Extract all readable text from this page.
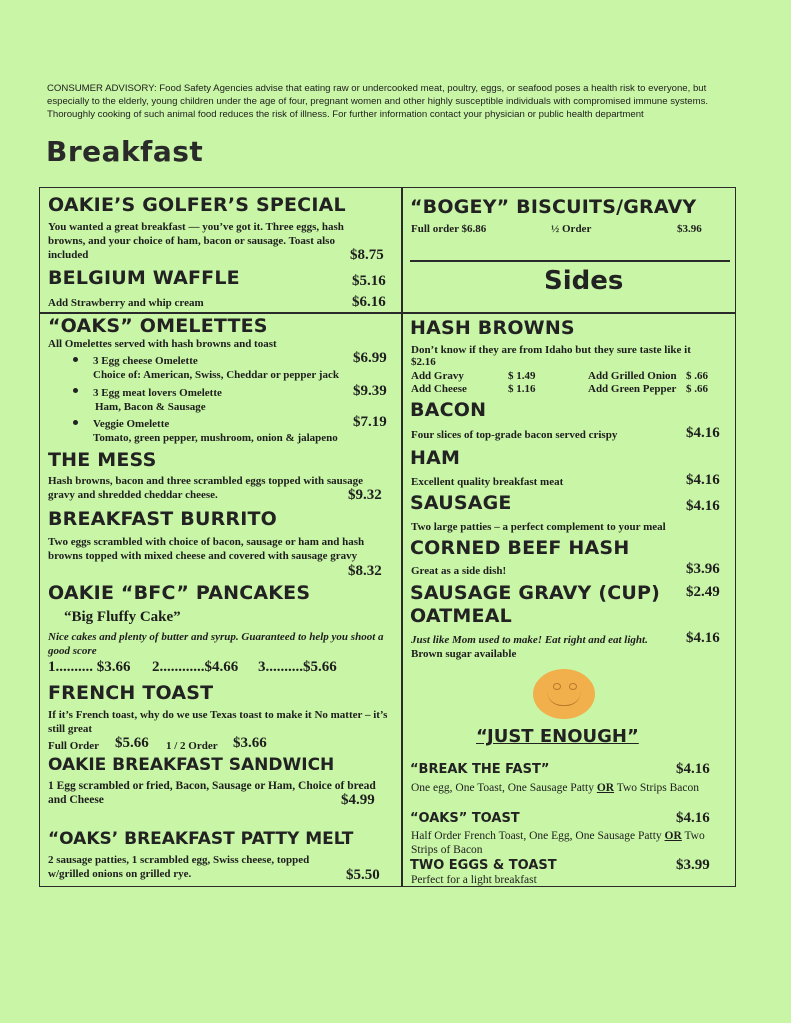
CONSUMER ADVISORY: Food Safety Agencies advise that eating raw or undercooked meat, poultry, eggs, or seafood poses a health risk to everyone, but especially to the elderly, young children under the age of four, pregnant women and other highly susceptible individuals with compromised immune systems. Thoroughly cooking of such animal food reduces the risk of illness. For further information contact your physician or public health department
Breakfast
OAKIE’S GOLFER’S SPECIAL
You wanted a great breakfast — you’ve got it. Three eggs, hash browns, and your choice of ham, bacon or sausage. Toast also included	$8.75
BELGIUM WAFFLE	$5.16
Add Strawberry and whip cream	$6.16
“OAKS” OMELETTES
All Omelettes served with hash browns and toast
3 Egg cheese Omelette	$6.99
Choice of: American, Swiss, Cheddar or pepper jack
3 Egg meat lovers Omelette	$9.39
Ham, Bacon & Sausage
Veggie Omelette	$7.19
Tomato, green pepper, mushroom, onion & jalapeno
THE MESS
Hash browns, bacon and three scrambled eggs topped with sausage gravy and shredded cheddar cheese.	$9.32
BREAKFAST BURRITO
Two eggs scrambled with choice of bacon, sausage or ham and hash browns topped with mixed cheese and covered with sausage gravy
$8.32
OAKIE “BFC” PANCAKES
“Big Fluffy Cake”
Nice cakes and plenty of butter and syrup. Guaranteed to help you shoot a good score
1.......... $3.66 2............$4.66 3..........$5.66
FRENCH TOAST
If it’s French toast, why do we use Texas toast to make it No matter – it’s still great
Full Order $5.66 1 / 2 Order $3.66
OAKIE BREAKFAST SANDWICH
1 Egg scrambled or fried, Bacon, Sausage or Ham, Choice of bread and Cheese	$4.99
“OAKS’ BREAKFAST PATTY MELT
2 sausage patties, 1 scrambled egg, Swiss cheese, topped w/grilled onions on grilled rye.	$5.50
“BOGEY” BISCUITS/GRAVY
Full order $6.86	½ Order	$3.96
Sides
HASH BROWNS
Don’t know if they are from Idaho but they sure taste like it
$2.16
Add Gravy	$ 1.49	Add Grilled Onion $ .66
Add Cheese	$ 1.16	Add Green Pepper $ .66
BACON
Four slices of top-grade bacon served crispy	$4.16
HAM
Excellent quality breakfast meat	$4.16
SAUSAGE	$4.16
Two large patties – a perfect complement to your meal
CORNED BEEF HASH
Great as a side dish!	$3.96
SAUSAGE GRAVY (CUP) $2.49
OATMEAL
Just like Mom used to make! Eat right and eat light.	$4.16
Brown sugar available
“JUST ENOUGH”
“BREAK THE FAST”	$4.16
One egg, One Toast, One Sausage Patty OR Two Strips Bacon
“OAKS” TOAST	$4.16
Half Order French Toast, One Egg, One Sausage Patty OR Two Strips of Bacon
TWO EGGS & TOAST	$3.99
Perfect for a light breakfast
